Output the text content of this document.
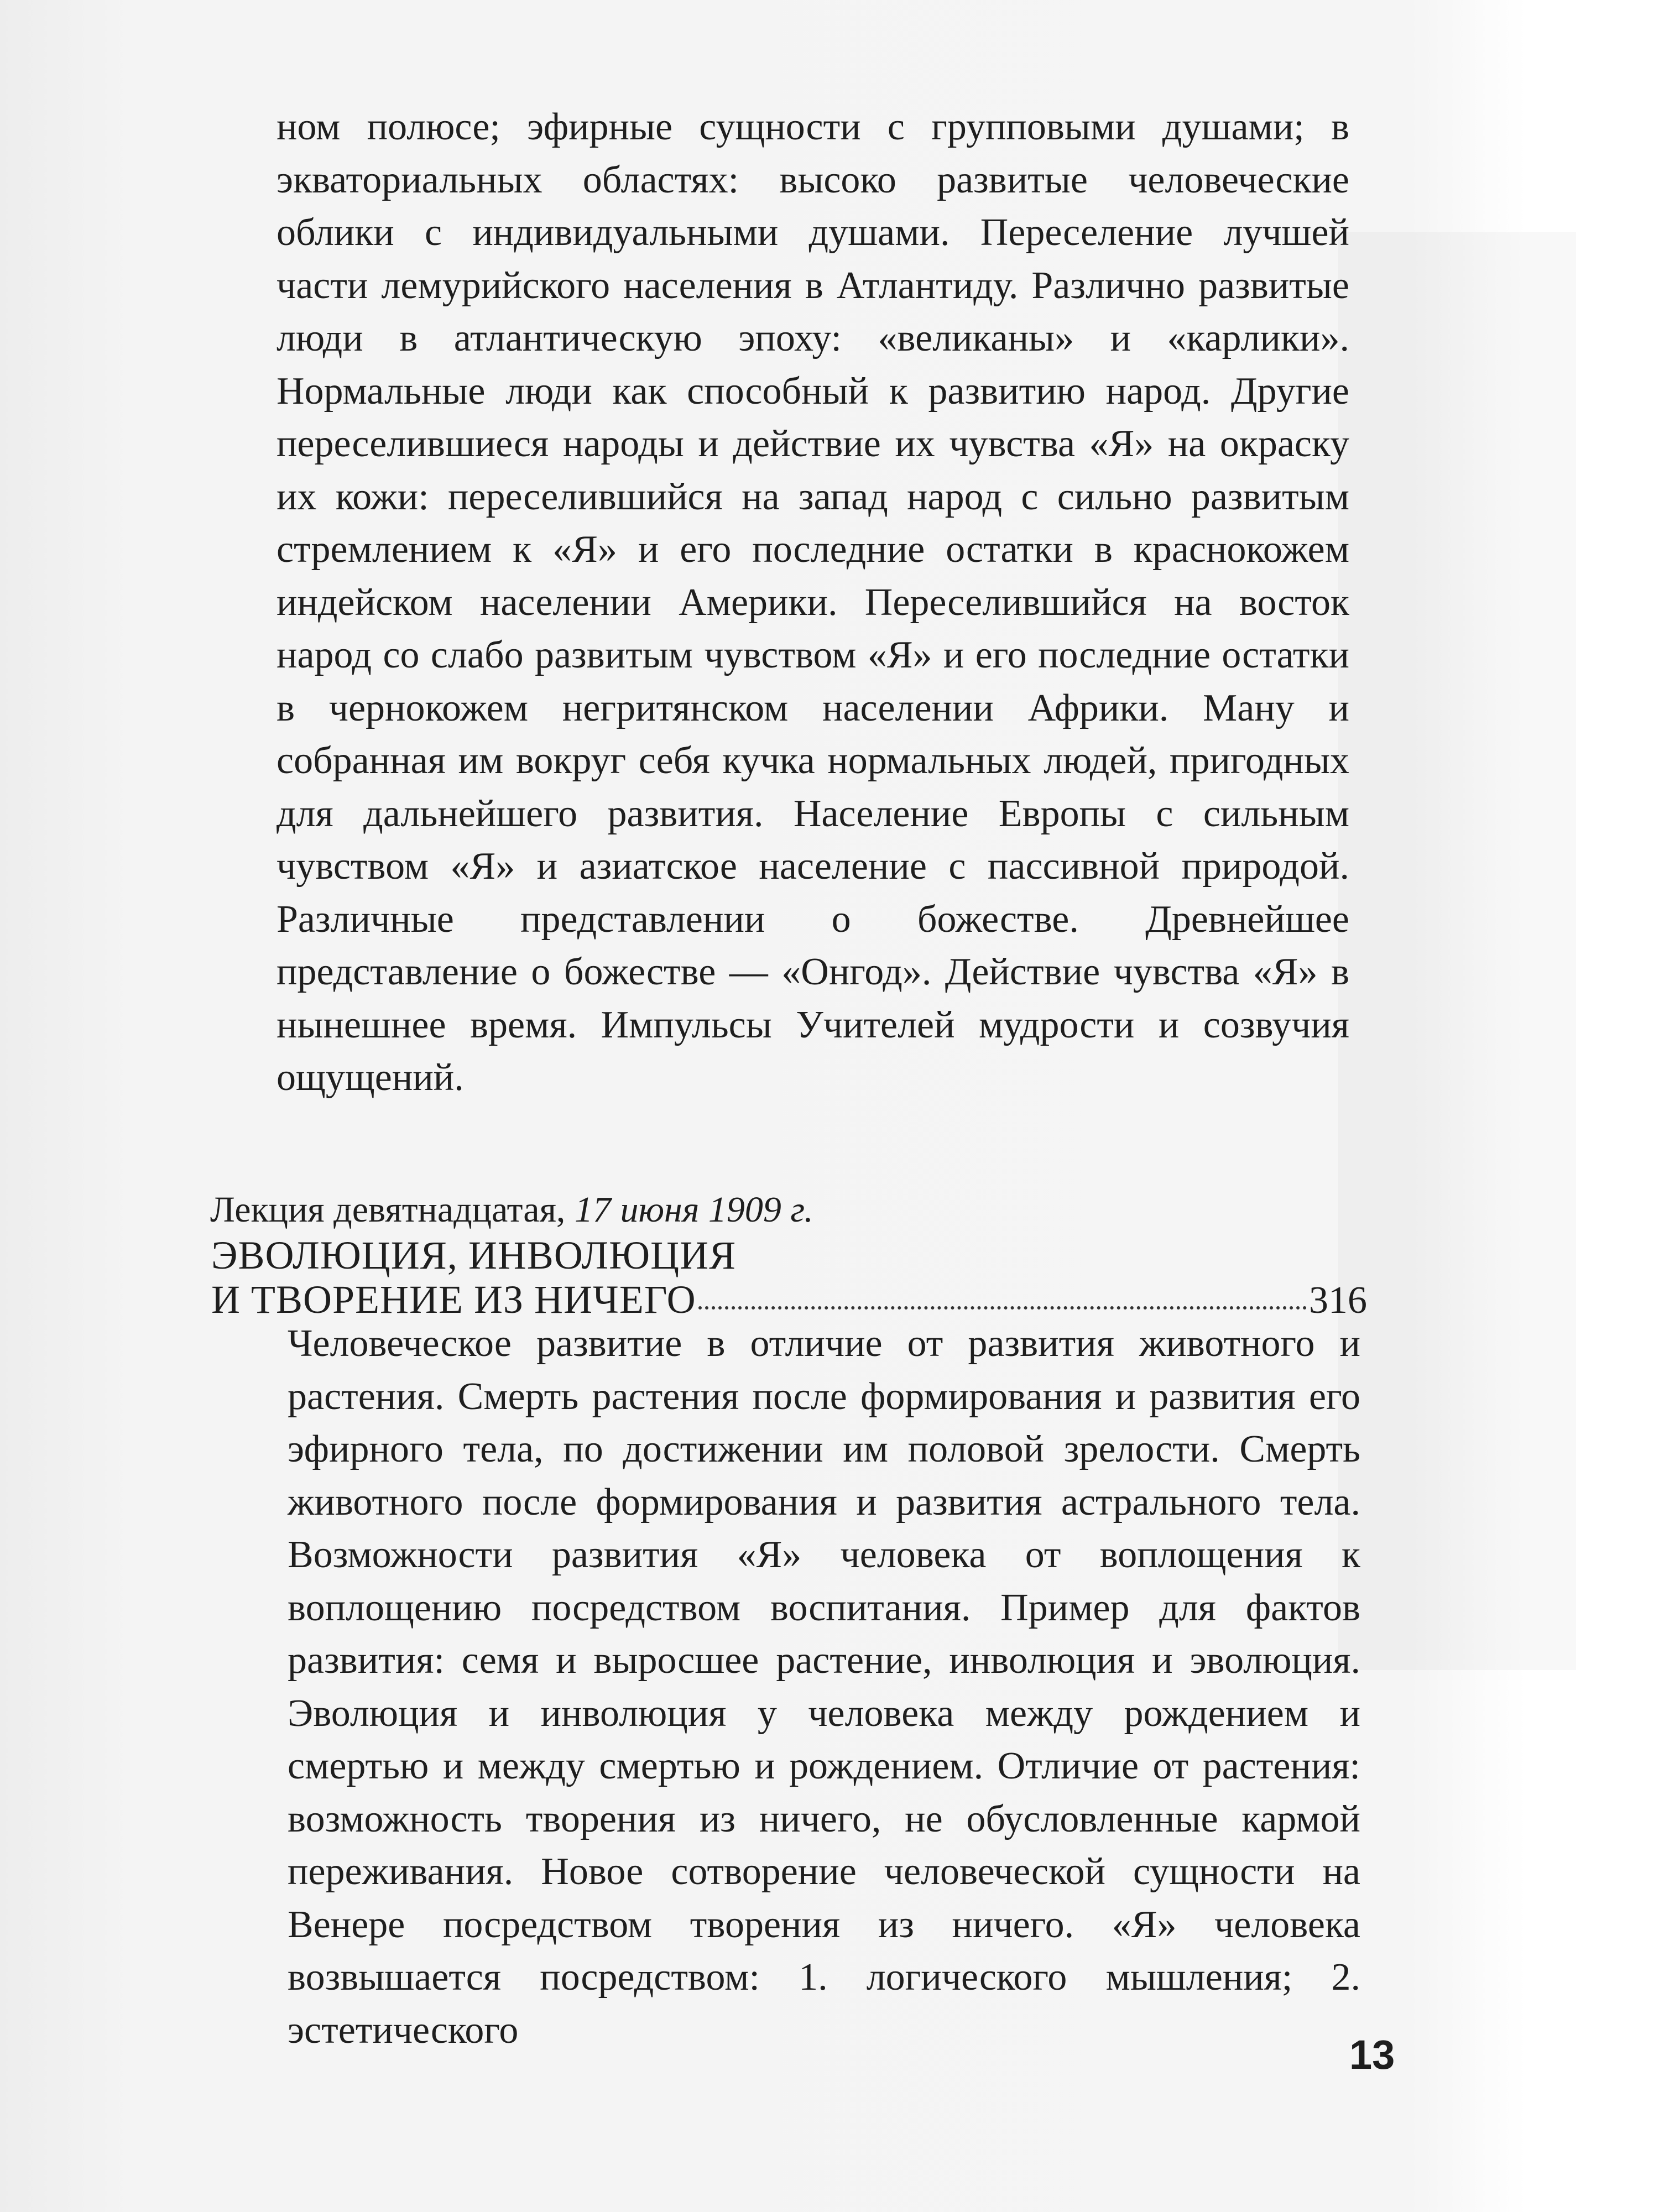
ном полюсе; эфирные сущности с групповыми душами; в экваториальных областях: высоко развитые человеческие облики с индивидуальными душами. Переселение лучшей части лемурийского населения в Атлантиду. Различно развитые люди в атлантическую эпоху: «великаны» и «карлики». Нормальные люди как способный к развитию народ. Другие переселившиеся народы и действие их чувства «Я» на окраску их кожи: переселившийся на запад народ с сильно развитым стремлением к «Я» и его последние остатки в краснокожем индейском населении Америки. Переселившийся на восток народ со слабо развитым чувством «Я» и его последние остатки в чернокожем негритянском населении Африки. Ману и собранная им вокруг себя кучка нормальных людей, пригодных для дальнейшего развития. Население Европы с сильным чувством «Я» и азиатское население с пассивной природой. Различные представлении о божестве. Древнейшее представление о божестве — «Онгод». Действие чувства «Я» в нынешнее время. Импульсы Учителей мудрости и созвучия ощущений.

Лекция девятнадцатая, 17 июня 1909 г.
ЭВОЛЮЦИЯ, ИНВОЛЮЦИЯ
И ТВОРЕНИЕ ИЗ НИЧЕГО	316

Человеческое развитие в отличие от развития животного и растения. Смерть растения после формирования и развития его эфирного тела, по достижении им половой зрелости. Смерть животного после формирования и развития астрального тела. Возможности развития «Я» человека от воплощения к воплощению посредством воспитания. Пример для фактов развития: семя и выросшее растение, инволюция и эволюция. Эволюция и инволюция у человека между рождением и смертью и между смертью и рождением. Отличие от растения: возможность творения из ничего, не обусловленные кармой переживания. Новое сотворение человеческой сущности на Венере посредством творения из ничего. «Я» человека возвышается посредством: 1. логического мышления; 2. эстетического

13
